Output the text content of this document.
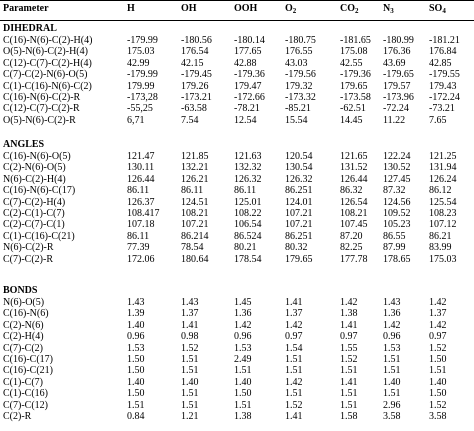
Parameter	H	OH	OOH	$O_2$	$CO_2$ $N_3$	$SO_4$
DIHEDRAL
C(16)-N(6)-C(2)-H(4)	-179.99 -180.56 -180.14 -180.75 -181.65 -180.99 -181.21
O(5)-N(6)-C(2)-H(4)	175.03	176.54	177.65 176.55	175.08 176.36 176.84
C(12)-C(7)-C(2)-H(4)	42.99	42.15	42.88	43.03	42.55 43.69 42.85
C(7)-C(2)-N(6)-O(5)	-179.99 -179.45 -179.36 -179.56 -179.36 -179.65 -179.55
C(1)-C(16)-N(6)-C(2)	179.99	179.26	179.47 179.32	179.65 179.57 179.43
C(16)-N(6)-C(2)-R	-173,28 -173.21 -172.66 -173.32 -173.58 -173.96 -172.24
C(12)-C(7)-C(2)-R	-55,25	-63.58	-78.21	-85.21	-62.51 -72.24 -73.21
O(5)-N(6)-C(2)-R	6,71	7.54	12.54	15.54	14.45 11.22 7.65
ANGLES
C(16)-N(6)-O(5)	121.47	121.85	121.63 120.54	121.65 122.24 121.25
C(2)-N(6)-O(5)	130.11	132.21	132.32 130.54	131.52 130.52 131.94
N(6)-C(2)-H(4)	126.44	126.21	126.32 126.32	126.44 127.45 126.24
C(16)-N(6)-C(17)	86.11	86.11	86.11	86.251	86.32 87.32 86.12
C(7)-C(2)-H(4)	126.37	124.51	125.01 124.01	126.54 124.56 125.54
C(2)-C(1)-C(7)	108.417 108.21	108.22 107.21	108.21 109.52 108.23
C(2)-C(7)-C(1)	107.18	107.21	106.54 107.21	107.45 105.23 107.12
C(1)-C(16)-C(21)	86.11	86.214	86.524 86.251	87.20 86.55 86.21
N(6)-C(2)-R	77.39	78.54	80.21	80.32	82.25 87.99 83.99
C(7)-C(2)-R	172.06	180.64	178.54 179.65	177.78 178.65 175.03
BONDS
N(6)-O(5)	1.43	1.43	1.45	1.41	1.42	1.43	1.42
C(16)-N(6)	1.39	1.37	1.36	1.37	1.38	1.36	1.37
C(2)-N(6)	1.40	1.41	1.42	1.42	1.41	1.42	1.42
C(2)-H(4)	0.96	0.98	0.96	0.97	0.97	0.96	0.97
C(7)-C(2)	1.53	1.52	1.53	1.54	1.55	1.53	1.52
C(16)-C(17)	1.50	1.51	2.49	1.51	1.52	1.51	1.50
C(16)-C(21)	1.50	1.51	1.51	1.51	1.51	1.51	1.51
C(1)-C(7)	1.40	1.40	1.40	1.42	1.41	1.40	1.40
C(1)-C(16)	1.50	1.51	1.50	1.51	1.51	1.51	1.50
C(7)-C(12)	1.51	1.51	1.51	1.52	1.51	2.96	1.52
C(2)-R	0.84	1.21	1.38	1.41	1.58	3.58	3.58
